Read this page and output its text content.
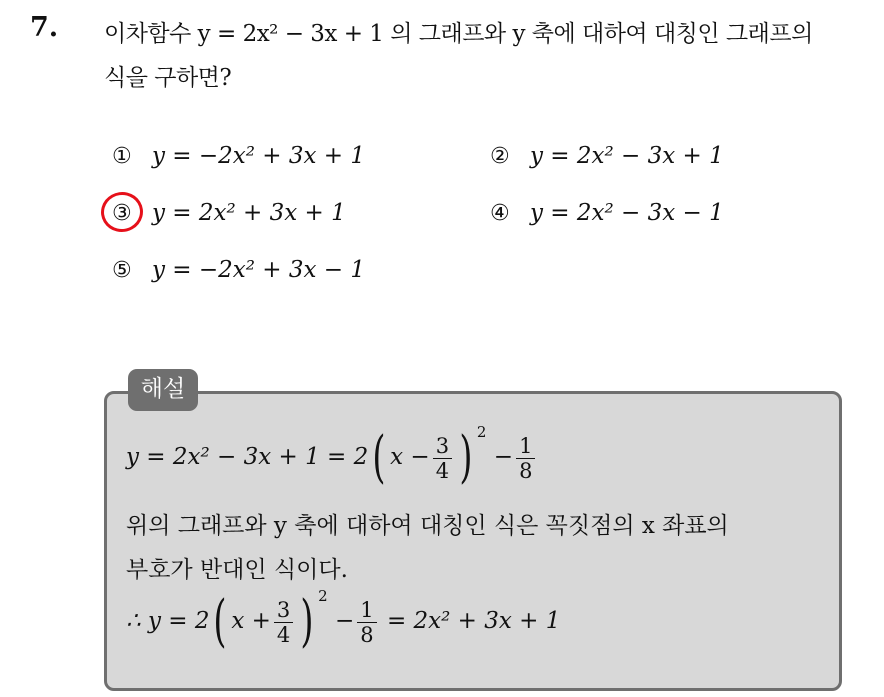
7. 이차함수 y = 2x² − 3x + 1 의 그래프와 y 축에 대하여 대칭인 그래프의
식을 구하면?
① y = −2x² + 3x + 1	② y = 2x² − 3x + 1
③ y = 2x² + 3x + 1	④ y = 2x² − 3x − 1
⑤ y = −2x² + 3x − 1
해설
y = 2x² − 3x + 1 = 2( $x - \frac{3}{4}$ ) $^2 - \frac{1}{8}$
위의 그래프와 y 축에 대하여 대칭인 식은 꼭짓점의 x 좌표의
부호가 반대인 식이다.
∴ y = 2( $x + \frac{3}{4}$ ) $^2 - \frac{1}{8} = 2x^2 + 3x + 1$
